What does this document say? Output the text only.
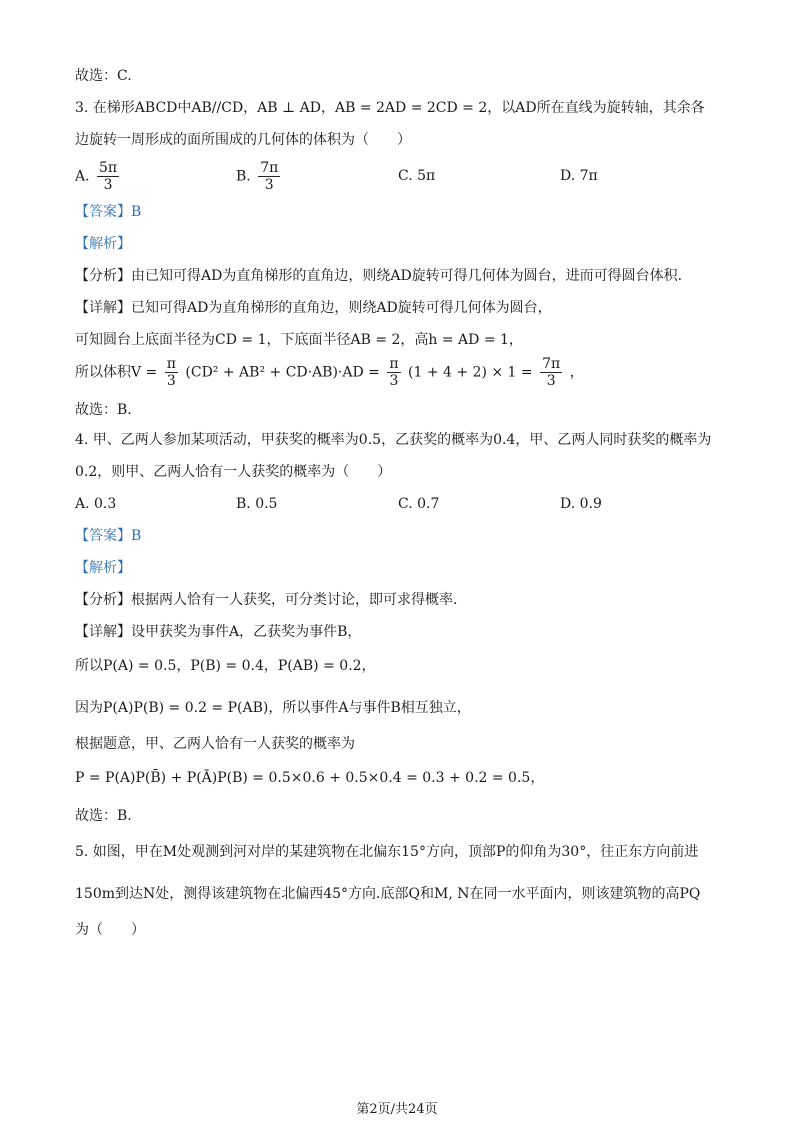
故选：C.
3. 在梯形ABCD中AB//CD，AB ⊥ AD，AB = 2AD = 2CD = 2，以AD所在直线为旋转轴，其余各
边旋转一周形成的面所围成的几何体的体积为（　　）
A. $\frac{5\pi}{3}$	B. $\frac{7\pi}{3}$	C. 5π	D. 7π
【答案】B
【解析】
【分析】由已知可得AD为直角梯形的直角边，则绕AD旋转可得几何体为圆台，进而可得圆台体积.
【详解】已知可得AD为直角梯形的直角边，则绕AD旋转可得几何体为圆台，
可知圆台上底面半径为CD = 1，下底面半径AB = 2，高h = AD = 1，
所以体积$V = \frac{\pi}{3} (CD^2 + AB^2 + CD\cdot AB)\cdot AD = \frac{\pi}{3} (1 + 4 + 2) \times 1 = \frac{7\pi}{3}$ ，
故选：B.
4. 甲、乙两人参加某项活动，甲获奖的概率为0.5，乙获奖的概率为0.4，甲、乙两人同时获奖的概率为
0.2，则甲、乙两人恰有一人获奖的概率为（　　）
A. 0.3	B. 0.5	C. 0.7	D. 0.9
【答案】B
【解析】
【分析】根据两人恰有一人获奖，可分类讨论，即可求得概率.
【详解】设甲获奖为事件A，乙获奖为事件B，
所以P(A) = 0.5，P(B) = 0.4，P(AB) = 0.2，
因为P(A)P(B) = 0.2 = P(AB)，所以事件A与事件B相互独立，
根据题意，甲、乙两人恰有一人获奖的概率为
P = P(A)P(B̄) + P(Ā)P(B) = 0.5×0.6 + 0.5×0.4 = 0.3 + 0.2 = 0.5，
故选：B.
5. 如图，甲在M处观测到河对岸的某建筑物在北偏东15°方向，顶部P的仰角为30°，往正东方向前进
150m到达N处，测得该建筑物在北偏西45°方向.底部Q和M, N在同一水平面内，则该建筑物的高PQ
为（　　）
第2页/共24页
